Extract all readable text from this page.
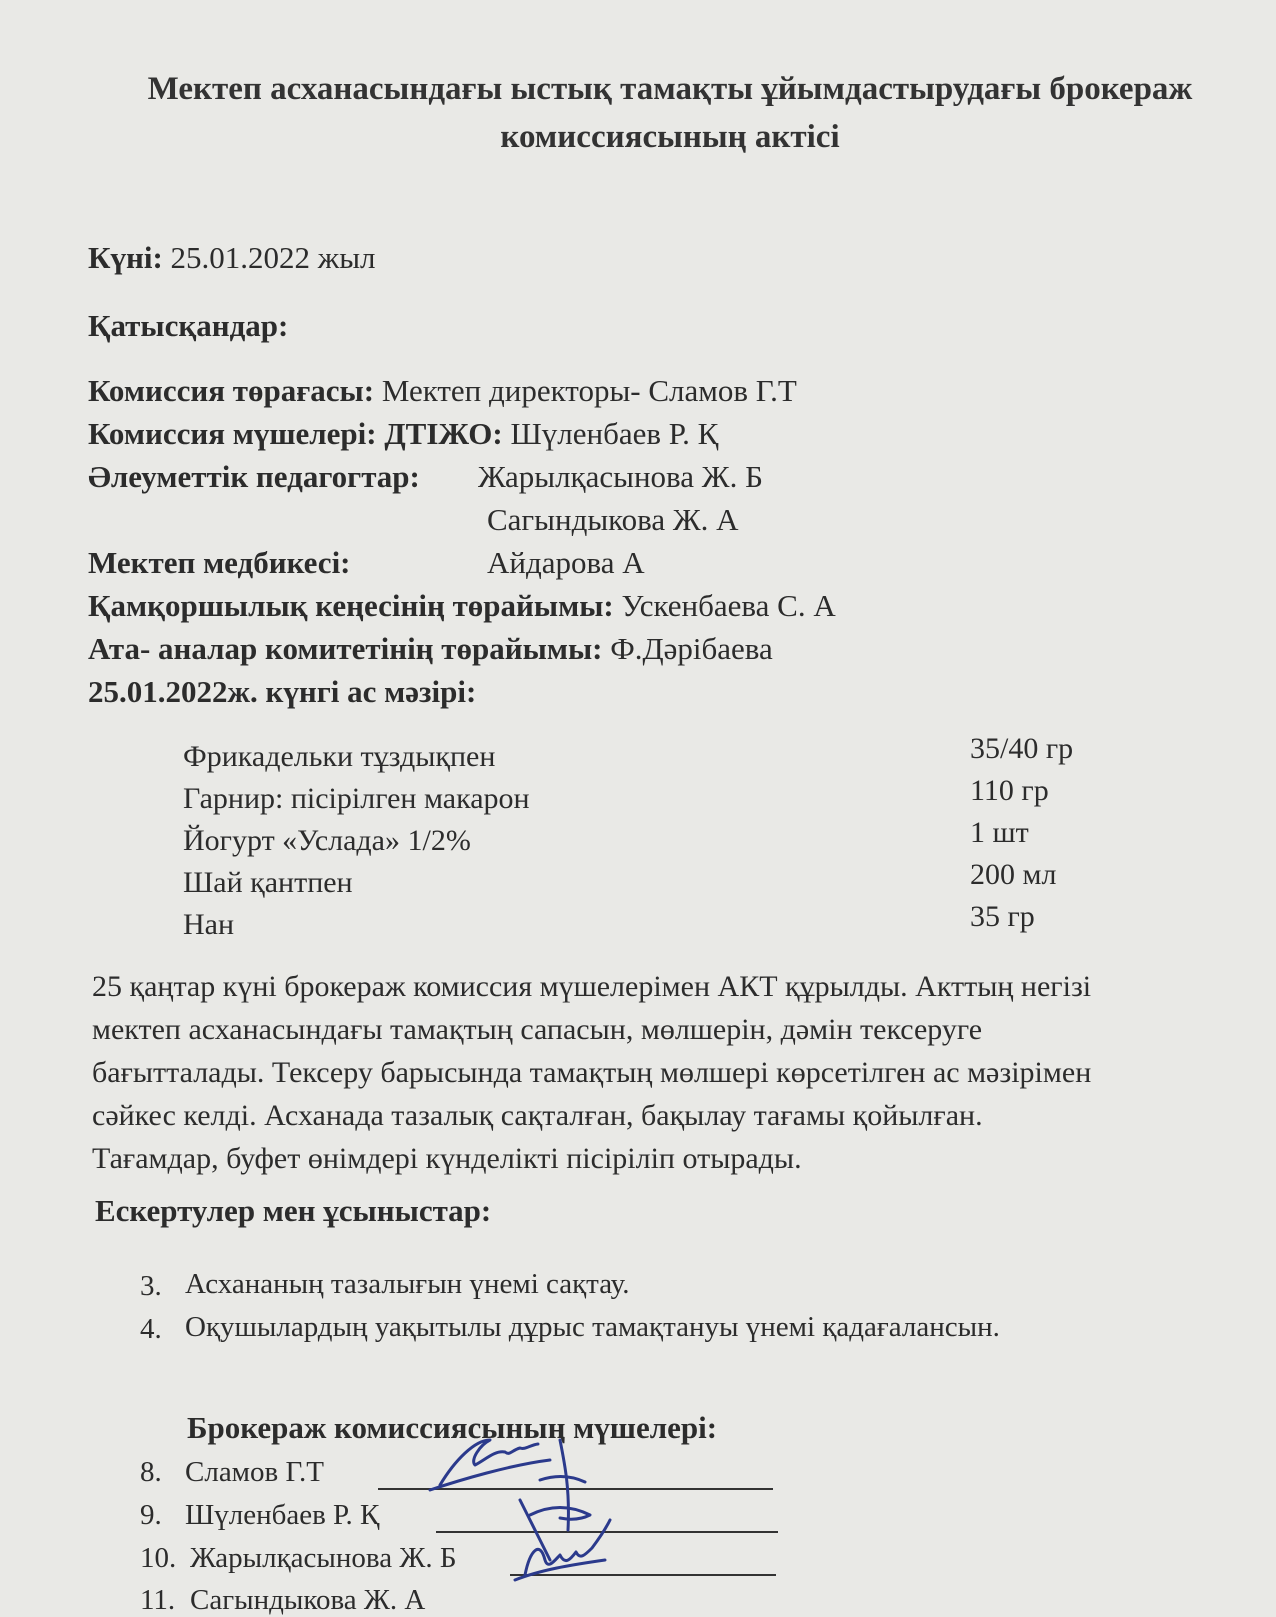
Мектеп асханасындағы ыстық тамақты ұйымдастырудағы брокераж
комиссиясының актісі
Күні: 25.01.2022 жыл
Қатысқандар:
Комиссия төрағасы: Мектеп директоры- Сламов Г.Т
Комиссия мүшелері: ДТІЖО: Шүленбаев Р. Қ
Әлеуметтік педагогтар: Жарылқасынова Ж. Б
Сагындыкова Ж. А
Мектеп медбикесі:	Айдарова А
Қамқоршылық кеңесінің төрайымы: Ускенбаева С. А
Ата- аналар комитетінің төрайымы: Ф.Дәрібаева
25.01.2022ж. күнгі ас мәзірі:
Фрикадельки тұздықпен	35/40 гр
Гарнир: пісірілген макарон	110 гр
Йогурт «Услада» 1/2%	1 шт
Шай қантпен	200 мл
Нан	35 гр
25 қаңтар күні брокераж комиссия мүшелерімен АКТ құрылды. Акттың негізі
мектеп асханасындағы тамақтың сапасын, мөлшерін, дәмін тексеруге
бағытталады. Тексеру барысында тамақтың мөлшері көрсетілген ас мәзірімен
сәйкес келді. Асханада тазалық сақталған, бақылау тағамы қойылған.
Тағамдар, буфет өнімдері күнделікті пісіріліп отырады.
Ескертулер мен ұсыныстар:
3. Асхананың тазалығын үнемі сақтау.
4. Оқушылардың уақытылы дұрыс тамақтануы үнемі қадағалансын.
Брокераж комиссиясының мүшелері:
8. Сламов Г.Т
9. Шүленбаев Р. Қ
10. Жарылқасынова Ж. Б
11. Сагындыкова Ж. А
